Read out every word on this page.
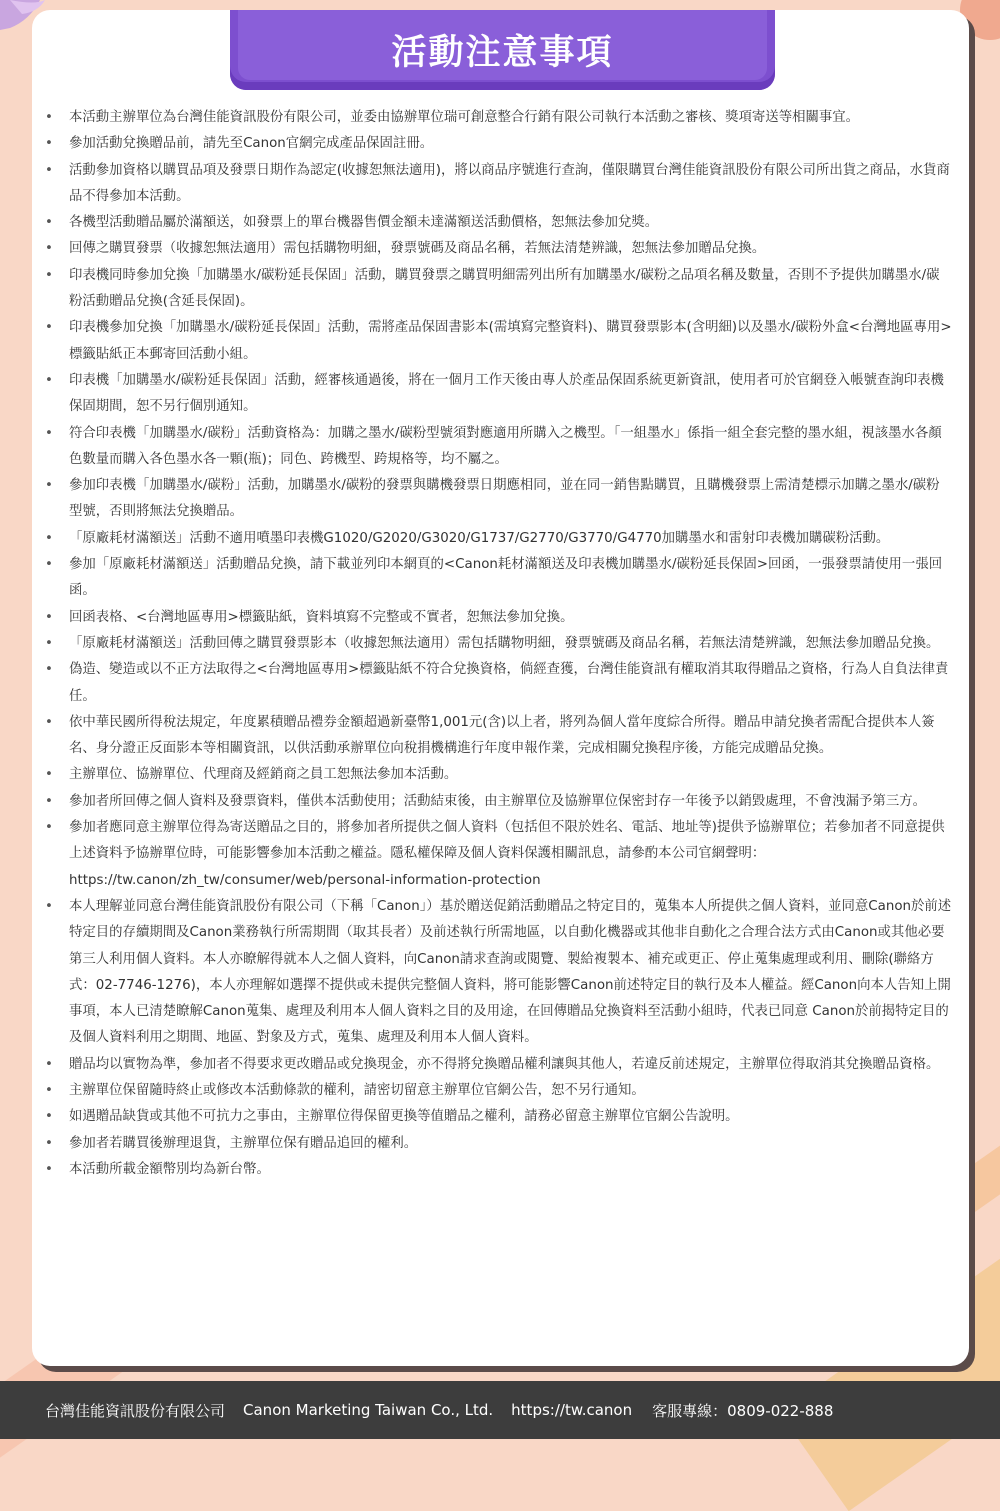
活動注意事項
• 本活動主辦單位為台灣佳能資訊股份有限公司，並委由協辦單位瑞可創意整合行銷有限公司執行本活動之審核、獎項寄送等相關事宜。
• 參加活動兌換贈品前，請先至Canon官網完成產品保固註冊。
• 活動參加資格以購買品項及發票日期作為認定(收據恕無法適用)，將以商品序號進行查詢，僅限購買台灣佳能資訊股份有限公司所出貨之商品，水貨商品不得參加本活動。
• 各機型活動贈品屬於滿額送，如發票上的單台機器售價金額未達滿額送活動價格，恕無法參加兌獎。
• 回傳之購買發票（收據恕無法適用）需包括購物明細，發票號碼及商品名稱，若無法清楚辨識，恕無法參加贈品兌換。
• 印表機同時參加兌換「加購墨水/碳粉延長保固」活動，購買發票之購買明細需列出所有加購墨水/碳粉之品項名稱及數量，否則不予提供加購墨水/碳粉活動贈品兌換(含延長保固)。
• 印表機參加兌換「加購墨水/碳粉延長保固」活動，需將產品保固書影本(需填寫完整資料)、購買發票影本(含明細)以及墨水/碳粉外盒<台灣地區專用>標籤貼紙正本郵寄回活動小組。
• 印表機「加購墨水/碳粉延長保固」活動，經審核通過後，將在一個月工作天後由專人於產品保固系統更新資訊，使用者可於官網登入帳號查詢印表機保固期間，恕不另行個別通知。
• 符合印表機「加購墨水/碳粉」活動資格為：加購之墨水/碳粉型號須對應適用所購入之機型。「一組墨水」係指一組全套完整的墨水組，視該墨水各顏色數量而購入各色墨水各一顆(瓶)；同色、跨機型、跨規格等，均不屬之。
• 參加印表機「加購墨水/碳粉」活動，加購墨水/碳粉的發票與購機發票日期應相同，並在同一銷售點購買，且購機發票上需清楚標示加購之墨水/碳粉型號，否則將無法兌換贈品。
• 「原廠耗材滿額送」活動不適用噴墨印表機G1020/G2020/G3020/G1737/G2770/G3770/G4770加購墨水和雷射印表機加購碳粉活動。
• 參加「原廠耗材滿額送」活動贈品兌換，請下載並列印本網頁的<Canon耗材滿額送及印表機加購墨水/碳粉延長保固>回函，一張發票請使用一張回函。
• 回函表格、<台灣地區專用>標籤貼紙，資料填寫不完整或不實者，恕無法參加兌換。
• 「原廠耗材滿額送」活動回傳之購買發票影本（收據恕無法適用）需包括購物明細，發票號碼及商品名稱，若無法清楚辨識，恕無法參加贈品兌換。
• 偽造、變造或以不正方法取得之<台灣地區專用>標籤貼紙不符合兌換資格，倘經查獲，台灣佳能資訊有權取消其取得贈品之資格，行為人自負法律責任。
• 依中華民國所得稅法規定，年度累積贈品禮券金額超過新臺幣1,001元(含)以上者，將列為個人當年度綜合所得。贈品申請兌換者需配合提供本人簽名、身分證正反面影本等相關資訊，以供活動承辦單位向稅捐機構進行年度申報作業，完成相關兌換程序後，方能完成贈品兌換。
• 主辦單位、協辦單位、代理商及經銷商之員工恕無法參加本活動。
• 參加者所回傳之個人資料及發票資料，僅供本活動使用；活動結束後，由主辦單位及協辦單位保密封存一年後予以銷毀處理，不會洩漏予第三方。
• 參加者應同意主辦單位得為寄送贈品之目的，將參加者所提供之個人資料（包括但不限於姓名、電話、地址等)提供予協辦單位；若參加者不同意提供上述資料予協辦單位時，可能影響參加本活動之權益。隱私權保障及個人資料保護相關訊息，請參酌本公司官網聲明：https://tw.canon/zh_tw/consumer/web/personal-information-protection
• 本人理解並同意台灣佳能資訊股份有限公司（下稱「Canon」）基於贈送促銷活動贈品之特定目的，蒐集本人所提供之個人資料，並同意Canon於前述特定目的存續期間及Canon業務執行所需期間（取其長者）及前述執行所需地區，以自動化機器或其他非自動化之合理合法方式由Canon或其他必要第三人利用個人資料。本人亦瞭解得就本人之個人資料，向Canon請求查詢或閱覽、製給複製本、補充或更正、停止蒐集處理或利用、刪除(聯絡方式：02-7746-1276)，本人亦理解如選擇不提供或未提供完整個人資料，將可能影響Canon前述特定目的執行及本人權益。經Canon向本人告知上開事項，本人已清楚瞭解Canon蒐集、處理及利用本人個人資料之目的及用途，在回傳贈品兌換資料至活動小組時，代表已同意 Canon於前揭特定目的及個人資料利用之期間、地區、對象及方式，蒐集、處理及利用本人個人資料。
• 贈品均以實物為準，參加者不得要求更改贈品或兌換現金，亦不得將兌換贈品權利讓與其他人，若違反前述規定，主辦單位得取消其兌換贈品資格。
• 主辦單位保留隨時終止或修改本活動條款的權利，請密切留意主辦單位官網公告，恕不另行通知。
• 如遇贈品缺貨或其他不可抗力之事由，主辦單位得保留更換等值贈品之權利，請務必留意主辦單位官網公告說明。
• 參加者若購買後辦理退貨，主辦單位保有贈品追回的權利。
• 本活動所載金額幣別均為新台幣。
台灣佳能資訊股份有限公司 Canon Marketing Taiwan Co., Ltd. https://tw.canon 客服專線：0809-022-888
